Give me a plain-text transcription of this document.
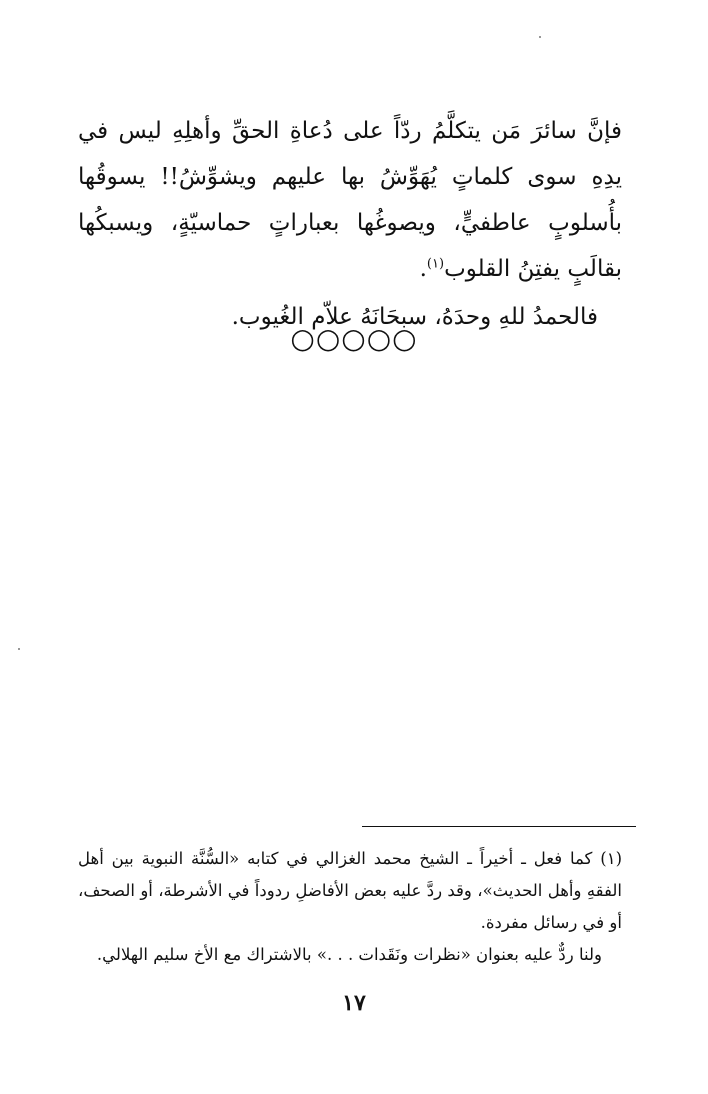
فإنَّ سائرَ مَن يتكلَّمُ ردّاً على دُعاةِ الحقِّ وأهلِهِ ليس في يدِهِ سوى كلماتٍ يُهَوِّشُ بها عليهم ويشوِّشُ!! يسوقُها بأُسلوبٍ عاطفيٍّ، ويصوغُها بعباراتٍ حماسيّةٍ، ويسبكُها بقالَبٍ يفتِنُ القلوب$^{(١)}$.

فالحمدُ للهِ وحدَهُ، سبحَانَهُ علاّم الغُيوب.

○○○○○

(١) كما فعل ـ أخيراً ـ الشيخ محمد الغزالي في كتابه «السُّنَّة النبوية بين أهل الفقهِ وأهل الحديث»، وقد ردَّ عليه بعض الأفاضلِ ردوداً في الأشرطة، أو الصحف، أو في رسائل مفردة.

ولنا ردٌّ عليه بعنوان «نظرات ونَقَدات . . .» بالاشتراك مع الأخ سليم الهلالي.

١٧
